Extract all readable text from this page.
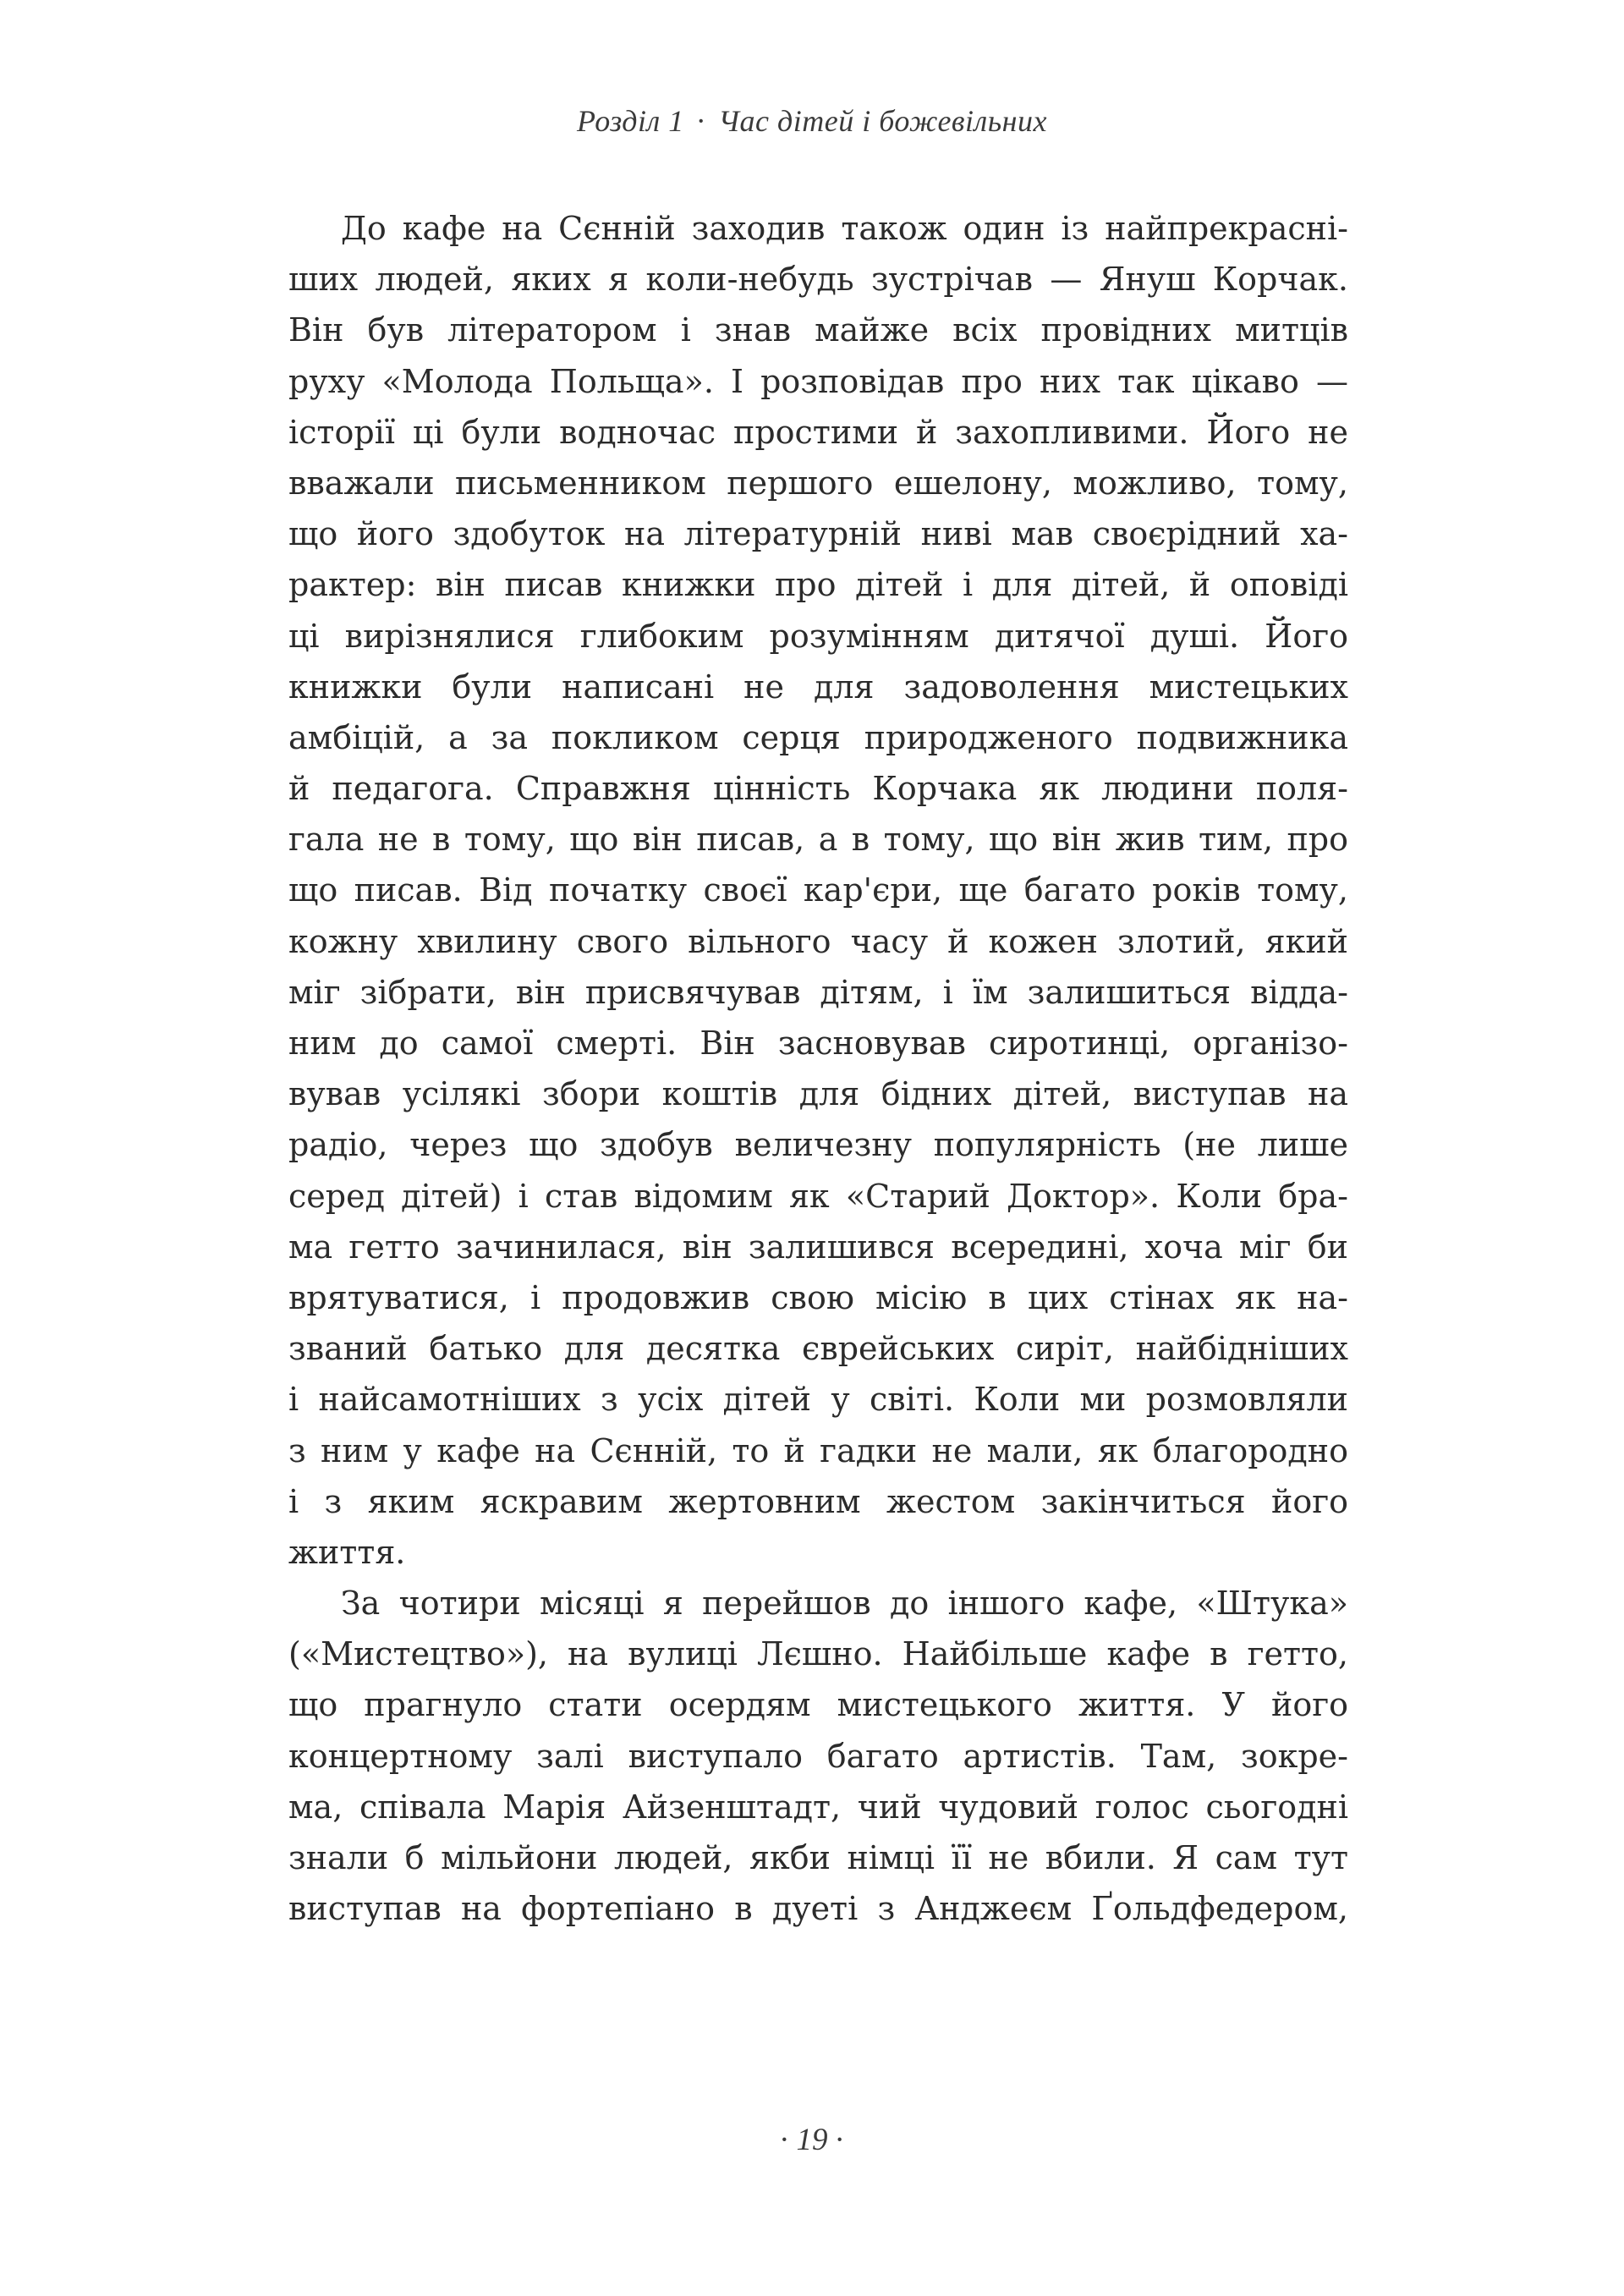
Розділ 1 · Час дітей і божевільних
До кафе на Сєнній заходив також один із найпрекрасні-
ших людей, яких я коли-небудь зустрічав — Януш Корчак.
Він був літератором і знав майже всіх провідних митців
руху «Молода Польща». І розповідав про них так цікаво —
історії ці були водночас простими й захопливими. Його не
вважали письменником першого ешелону, можливо, тому,
що його здобуток на літературній ниві мав своєрідний ха-
рактер: він писав книжки про дітей і для дітей, й оповіді
ці вирізнялися глибоким розумінням дитячої душі. Його
книжки були написані не для задоволення мистецьких
амбіцій, а за покликом серця природженого подвижника
й педагога. Справжня цінність Корчака як людини поля-
гала не в тому, що він писав, а в тому, що він жив тим, про
що писав. Від початку своєї кар'єри, ще багато років тому,
кожну хвилину свого вільного часу й кожен злотий, який
міг зібрати, він присвячував дітям, і їм залишиться відда-
ним до самої смерті. Він засновував сиротинці, організо-
вував усілякі збори коштів для бідних дітей, виступав на
радіо, через що здобув величезну популярність (не лише
серед дітей) і став відомим як «Старий Доктор». Коли бра-
ма гетто зачинилася, він залишився всередині, хоча міг би
врятуватися, і продовжив свою місію в цих стінах як на-
званий батько для десятка єврейських сиріт, найбідніших
і найсамотніших з усіх дітей у світі. Коли ми розмовляли
з ним у кафе на Сєнній, то й гадки не мали, як благородно
і з яким яскравим жертовним жестом закінчиться його
життя.
За чотири місяці я перейшов до іншого кафе, «Штука»
(«Мистецтво»), на вулиці Лєшно. Найбільше кафе в гетто,
що прагнуло стати осердям мистецького життя. У його
концертному залі виступало багато артистів. Там, зокре-
ма, співала Марія Айзенштадт, чий чудовий голос сьогодні
знали б мільйони людей, якби німці її не вбили. Я сам тут
виступав на фортепіано в дуеті з Анджеєм Ґольдфедером,
· 19 ·
